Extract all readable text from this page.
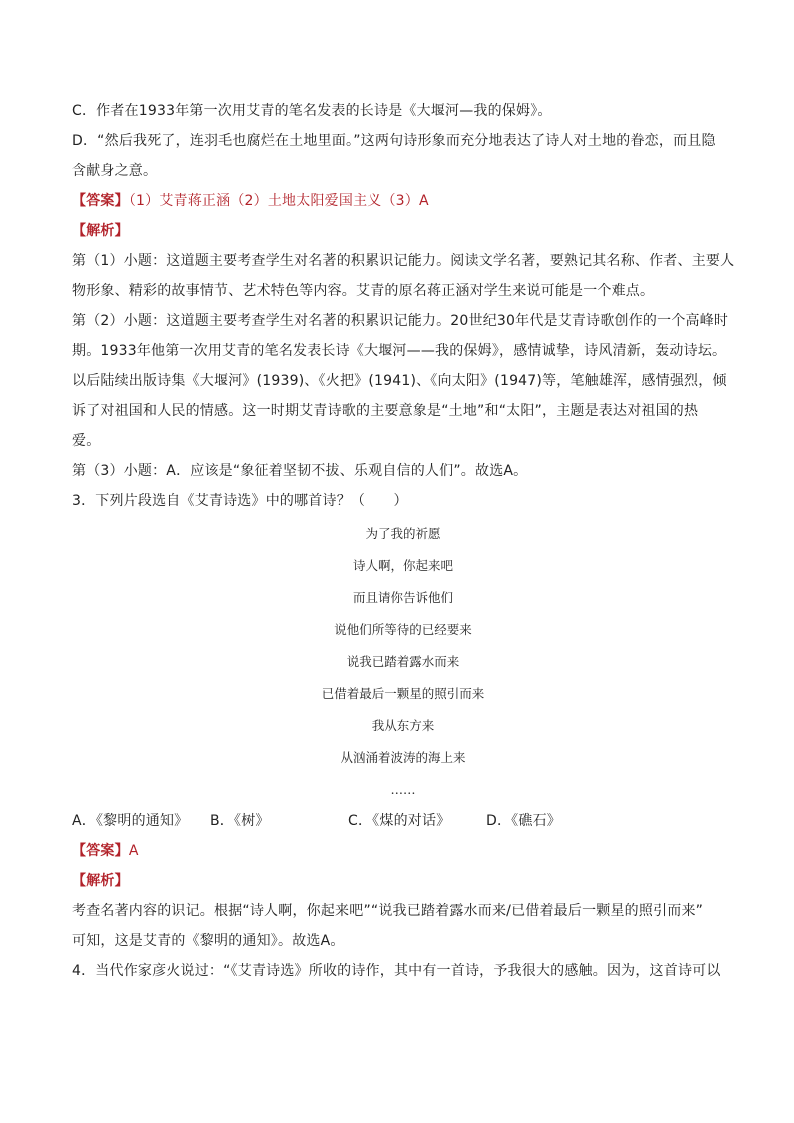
C．作者在1933年第一次用艾青的笔名发表的长诗是《大堰河—我的保姆》。
D．“然后我死了，连羽毛也腐烂在土地里面。”这两句诗形象而充分地表达了诗人对土地的眷恋，而且隐
含献身之意。
【答案】（1）艾青蒋正涵（2）土地太阳爱国主义（3）A
【解析】
第（1）小题：这道题主要考查学生对名著的积累识记能力。阅读文学名著，要熟记其名称、作者、主要人
物形象、精彩的故事情节、艺术特色等内容。艾青的原名蒋正涵对学生来说可能是一个难点。
第（2）小题：这道题主要考查学生对名著的积累识记能力。20世纪30年代是艾青诗歌创作的一个高峰时
期。1933年他第一次用艾青的笔名发表长诗《大堰河——我的保姆》，感情诚挚，诗风清新，轰动诗坛。
以后陆续出版诗集《大堰河》(1939)、《火把》(1941)、《向太阳》(1947)等，笔触雄浑，感情强烈，倾
诉了对祖国和人民的情感。这一时期艾青诗歌的主要意象是“土地”和“太阳”，主题是表达对祖国的热
爱。
第（3）小题：A．应该是“象征着坚韧不拔、乐观自信的人们”。故选A。
3．下列片段选自《艾青诗选》中的哪首诗？（　　）
为了我的祈愿
诗人啊，你起来吧
而且请你告诉他们
说他们所等待的已经要来
说我已踏着露水而来
已借着最后一颗星的照引而来
我从东方来
从汹涌着波涛的海上来
……
A．《黎明的通知》 B．《树》	C．《煤的对话》	D．《礁石》
【答案】A
【解析】
考查名著内容的识记。根据“诗人啊，你起来吧”“说我已踏着露水而来/已借着最后一颗星的照引而来”
可知，这是艾青的《黎明的通知》。故选A。
4．当代作家彦火说过：“《艾青诗选》所收的诗作，其中有一首诗，予我很大的感触。因为，这首诗可以
